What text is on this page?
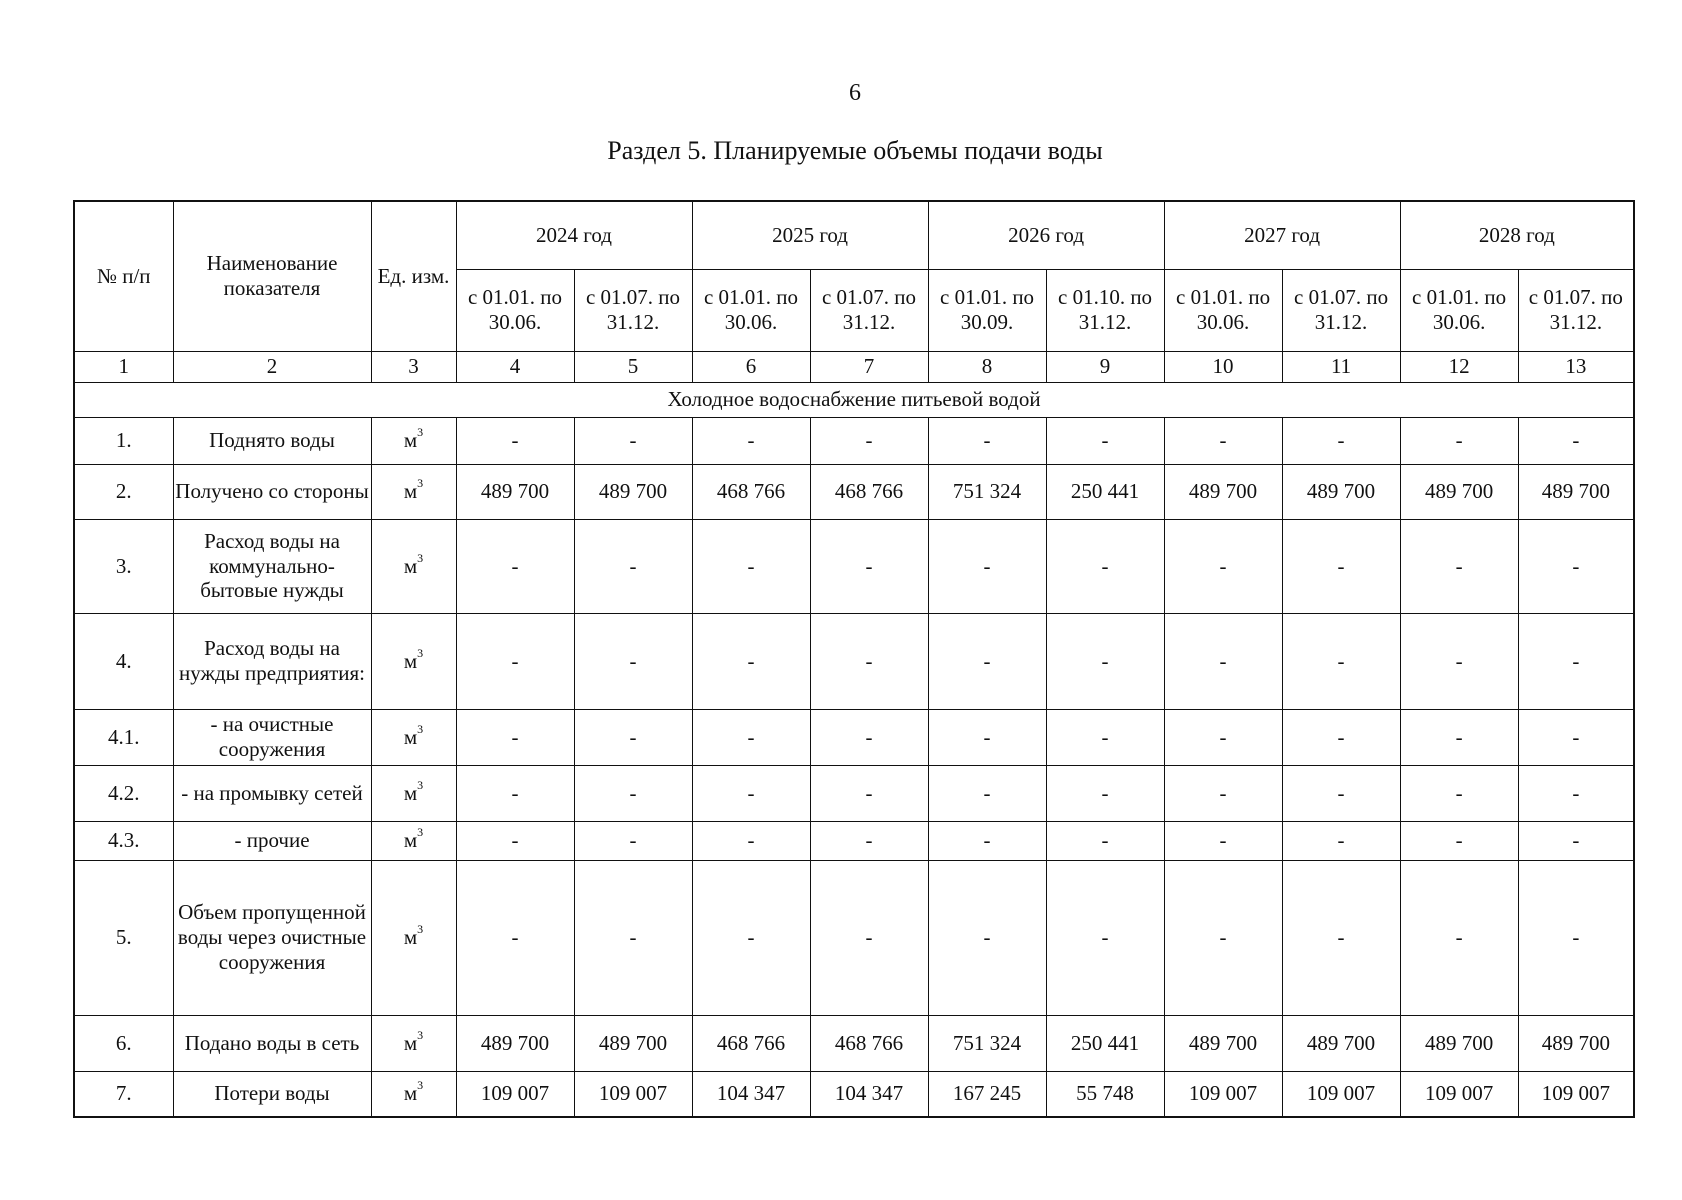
6
Раздел 5. Планируемые объемы подачи воды
№ п/п	Наименование показателя	Ед. изм.	2024 год		2025 год		2026 год		2027 год		2028 год	
			с 01.01. по 30.06.	с 01.07. по 31.12.	с 01.01. по 30.06.	с 01.07. по 31.12.	с 01.01. по 30.09.	с 01.10. по 31.12.	с 01.01. по 30.06.	с 01.07. по 31.12.	с 01.01. по 30.06.	с 01.07. по 31.12.
1	2	3	4	5	6	7	8	9	10	11	12	13
Холодное водоснабжение питьевой водой												
1.	Поднято воды	$м^3$	-	-	-	-	-	-	-	-	-	-
2.	Получено со стороны	$м^3$	489 700	489 700	468 766	468 766	751 324	250 441	489 700	489 700	489 700	489 700
3.	Расход воды на коммунально-бытовые нужды	$м^3$	-	-	-	-	-	-	-	-	-	-
4.	Расход воды на нужды предприятия:	$м^3$	-	-	-	-	-	-	-	-	-	-
4.1.	- на очистные сооружения	$м^3$	-	-	-	-	-	-	-	-	-	-
4.2.	- на промывку сетей	$м^3$	-	-	-	-	-	-	-	-	-	-
4.3.	- прочие	$м^3$	-	-	-	-	-	-	-	-	-	-
5.	Объем пропущенной воды через очистные сооружения	$м^3$	-	-	-	-	-	-	-	-	-	-
6.	Подано воды в сеть	$м^3$	489 700	489 700	468 766	468 766	751 324	250 441	489 700	489 700	489 700	489 700
7.	Потери воды	$м^3$	109 007	109 007	104 347	104 347	167 245	55 748	109 007	109 007	109 007	109 007
